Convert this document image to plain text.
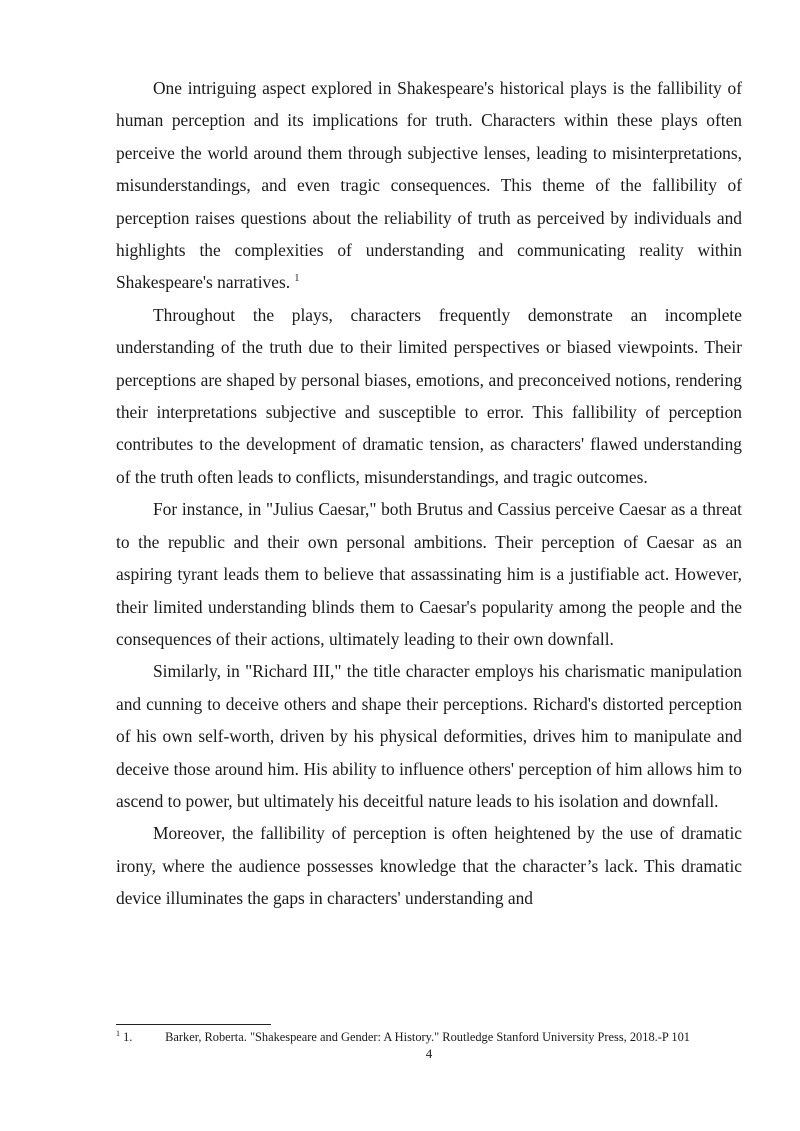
One intriguing aspect explored in Shakespeare's historical plays is the fallibility of human perception and its implications for truth. Characters within these plays often perceive the world around them through subjective lenses, leading to misinterpretations, misunderstandings, and even tragic consequences. This theme of the fallibility of perception raises questions about the reliability of truth as perceived by individuals and highlights the complexities of understanding and communicating reality within Shakespeare's narratives. $^1$

Throughout the plays, characters frequently demonstrate an incomplete understanding of the truth due to their limited perspectives or biased viewpoints. Their perceptions are shaped by personal biases, emotions, and preconceived notions, rendering their interpretations subjective and susceptible to error. This fallibility of perception contributes to the development of dramatic tension, as characters' flawed understanding of the truth often leads to conflicts, misunderstandings, and tragic outcomes.

For instance, in "Julius Caesar," both Brutus and Cassius perceive Caesar as a threat to the republic and their own personal ambitions. Their perception of Caesar as an aspiring tyrant leads them to believe that assassinating him is a justifiable act. However, their limited understanding blinds them to Caesar's popularity among the people and the consequences of their actions, ultimately leading to their own downfall.

Similarly, in "Richard III," the title character employs his charismatic manipulation and cunning to deceive others and shape their perceptions. Richard's distorted perception of his own self-worth, driven by his physical deformities, drives him to manipulate and deceive those around him. His ability to influence others' perception of him allows him to ascend to power, but ultimately his deceitful nature leads to his isolation and downfall.

Moreover, the fallibility of perception is often heightened by the use of dramatic irony, where the audience possesses knowledge that the character’s lack. This dramatic device illuminates the gaps in characters' understanding and

$^1$ 1.	Barker, Roberta. "Shakespeare and Gender: A History." Routledge Stanford University Press, 2018.-P 101
4
